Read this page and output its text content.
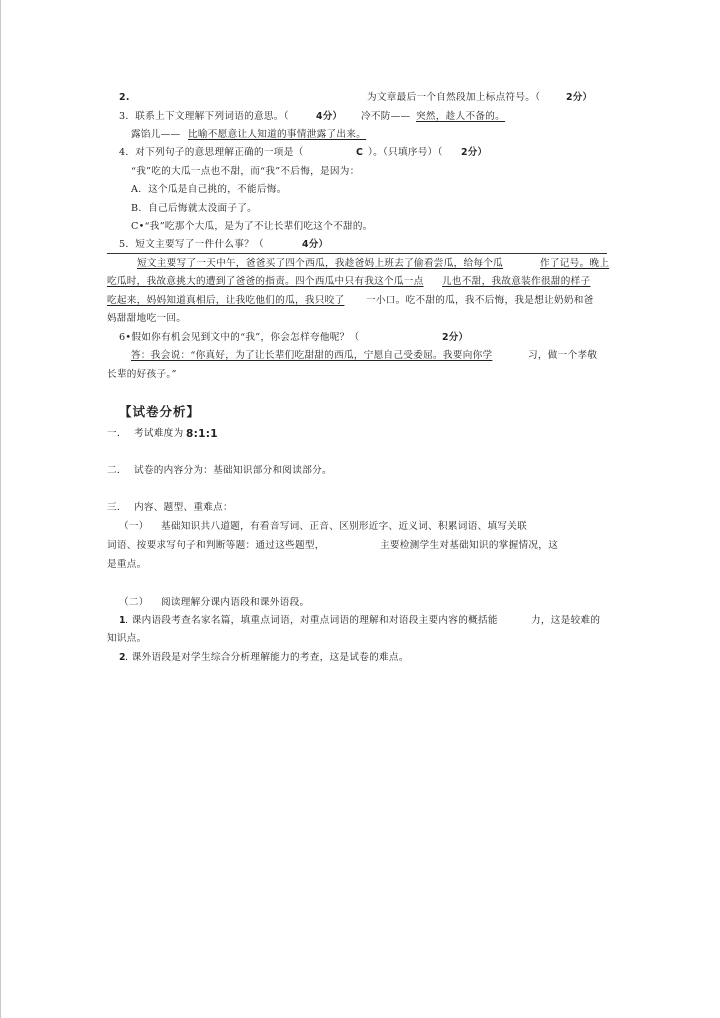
2.	为文章最后一个自然段加上标点符号。（	2分）
3．联系上下文理解下列词语的意思。（	4分） 冷不防—— 突然，趁人不备的。
露馅儿—— 比喻不愿意让人知道的事情泄露了出来。
4．对下列句子的意思理解正确的一项是（	C ）。（只填序号）（ 2分）
“我”吃的大瓜一点也不甜，而“我”不后悔，是因为：
A．这个瓜是自己挑的，不能后悔。
B．自己后悔就太没面子了。
C•“我”吃那个大瓜，是为了不让长辈们吃这个不甜的。
5．短文主要写了一件什么事？（	4分）
短文主要写了一天中午，爸爸买了四个西瓜，我趁爸妈上班去了偷看尝瓜，给每个瓜	作了记号。晚上
吃瓜时，我故意挑大的遭到了爸爸的指责。四个西瓜中只有我这个瓜一点 儿也不甜，我故意装作很甜的样子
吃起来，妈妈知道真相后，让我吃他们的瓜，我只咬了 一小口。吃不甜的瓜，我不后悔，我是想让奶奶和爸
妈甜甜地吃一回。
6•假如你有机会见到文中的“我”，你会怎样夸他呢？（	2分）
答：我会说：“你真好，为了让长辈们吃甜甜的西瓜，宁愿自己受委屈。我要向你学	习，做一个孝敬
长辈的好孩子。”
【试卷分析】
一． 考试难度为 8:1:1
二． 试卷的内容分为：基础知识部分和阅读部分。
三． 内容、题型、重难点：
（一） 基础知识共八道题，有看音写词、正音、区别形近字、近义词、积累词语、填写关联
词语、按要求写句子和判断等题：通过这些题型，	主要检测学生对基础知识的掌握情况，这
是重点。
（二） 阅读理解分课内语段和课外语段。
1 . 课内语段考查名家名篇，填重点词语，对重点词语的理解和对语段主要内容的概括能	力，这是较难的
知识点。
2 . 课外语段是对学生综合分析理解能力的考查，这是试卷的难点。
